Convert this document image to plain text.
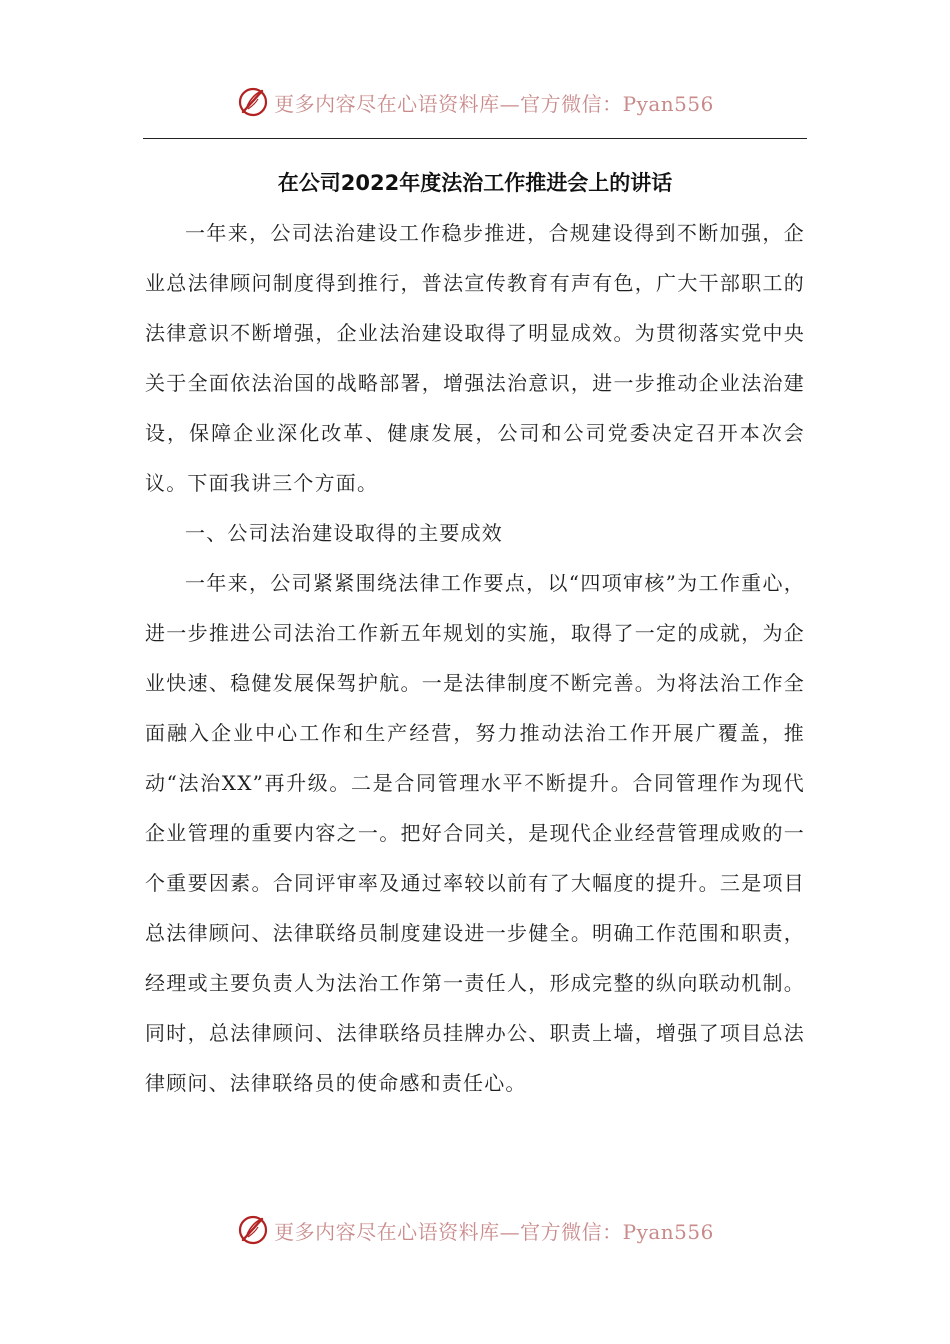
更多内容尽在心语资料库—官方微信：Pyan556
在公司2022年度法治工作推进会上的讲话

一年来，公司法治建设工作稳步推进，合规建设得到不断加强，企业总法律顾问制度得到推行，普法宣传教育有声有色，广大干部职工的法律意识不断增强，企业法治建设取得了明显成效。为贯彻落实党中央关于全面依法治国的战略部署，增强法治意识，进一步推动企业法治建设，保障企业深化改革、健康发展，公司和公司党委决定召开本次会议。下面我讲三个方面。

一、公司法治建设取得的主要成效

一年来，公司紧紧围绕法律工作要点，以“四项审核”为工作重心，进一步推进公司法治工作新五年规划的实施，取得了一定的成就，为企业快速、稳健发展保驾护航。一是法律制度不断完善。为将法治工作全面融入企业中心工作和生产经营，努力推动法治工作开展广覆盖，推动“法治XX”再升级。二是合同管理水平不断提升。合同管理作为现代企业管理的重要内容之一。把好合同关，是现代企业经营管理成败的一个重要因素。合同评审率及通过率较以前有了大幅度的提升。三是项目总法律顾问、法律联络员制度建设进一步健全。明确工作范围和职责，经理或主要负责人为法治工作第一责任人，形成完整的纵向联动机制。同时，总法律顾问、法律联络员挂牌办公、职责上墙，增强了项目总法律顾问、法律联络员的使命感和责任心。

更多内容尽在心语资料库—官方微信：Pyan556
